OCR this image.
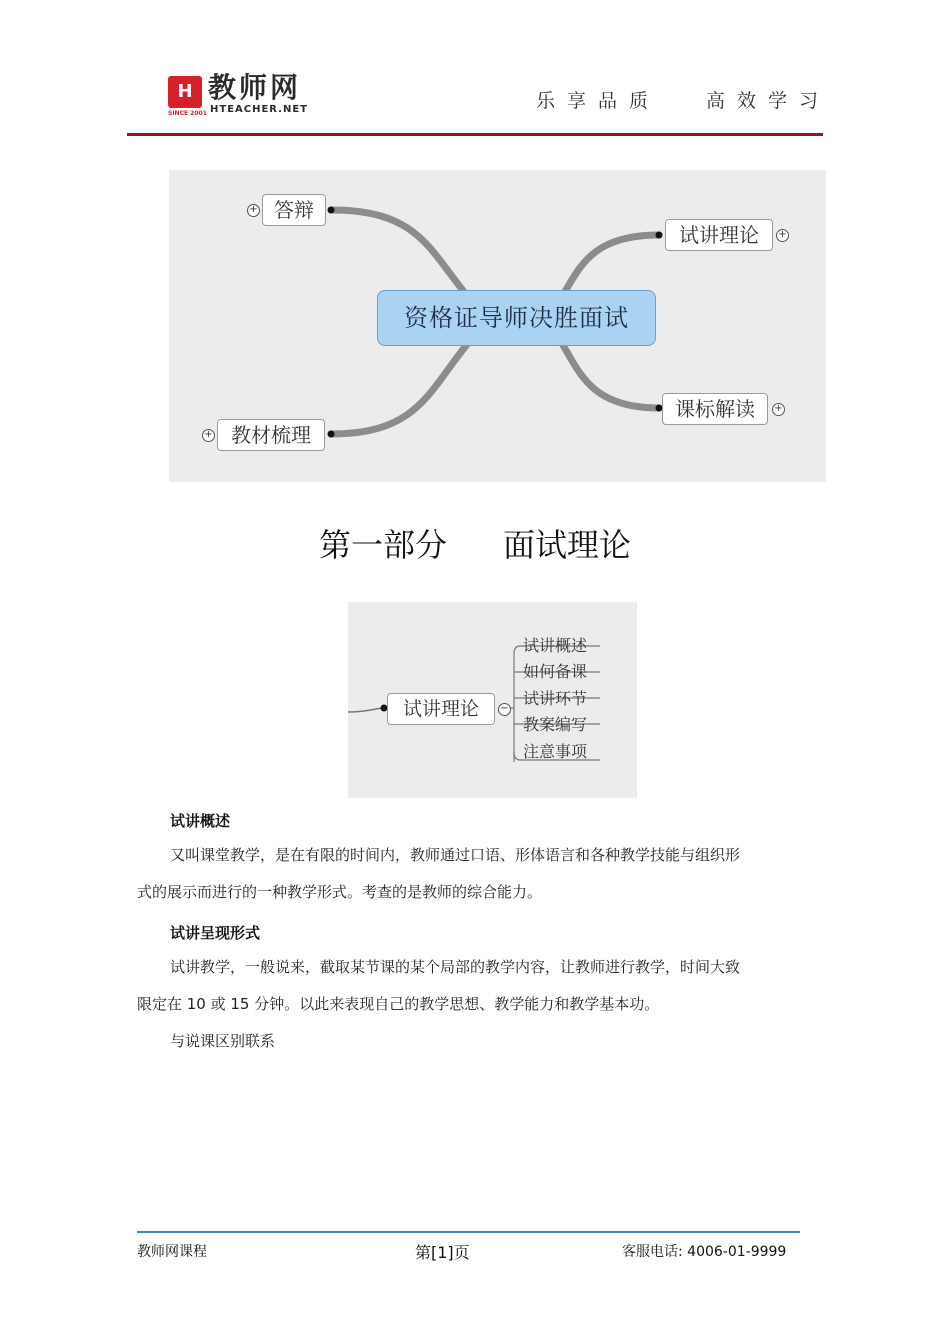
H 教师网
SINCE 2001 HTEACHER.NET	乐享品质 高效学习
资格证导师决胜面试
答辩
+
教材梳理
+
试讲理论	+
课标解读	+
第一部分 面试理论
试讲理论	−
试讲概述
如何备课
试讲环节
教案编写
注意事项
试讲概述
又叫课堂教学，是在有限的时间内，教师通过口语、形体语言和各种教学技能与组织形
式的展示而进行的一种教学形式。考查的是教师的综合能力。
试讲呈现形式
试讲教学，一般说来，截取某节课的某个局部的教学内容，让教师进行教学，时间大致
限定在 10 或 15 分钟。以此来表现自己的教学思想、教学能力和教学基本功。
与说课区别联系
教师网课程	第[1]页	客服电话: 4006-01-9999
